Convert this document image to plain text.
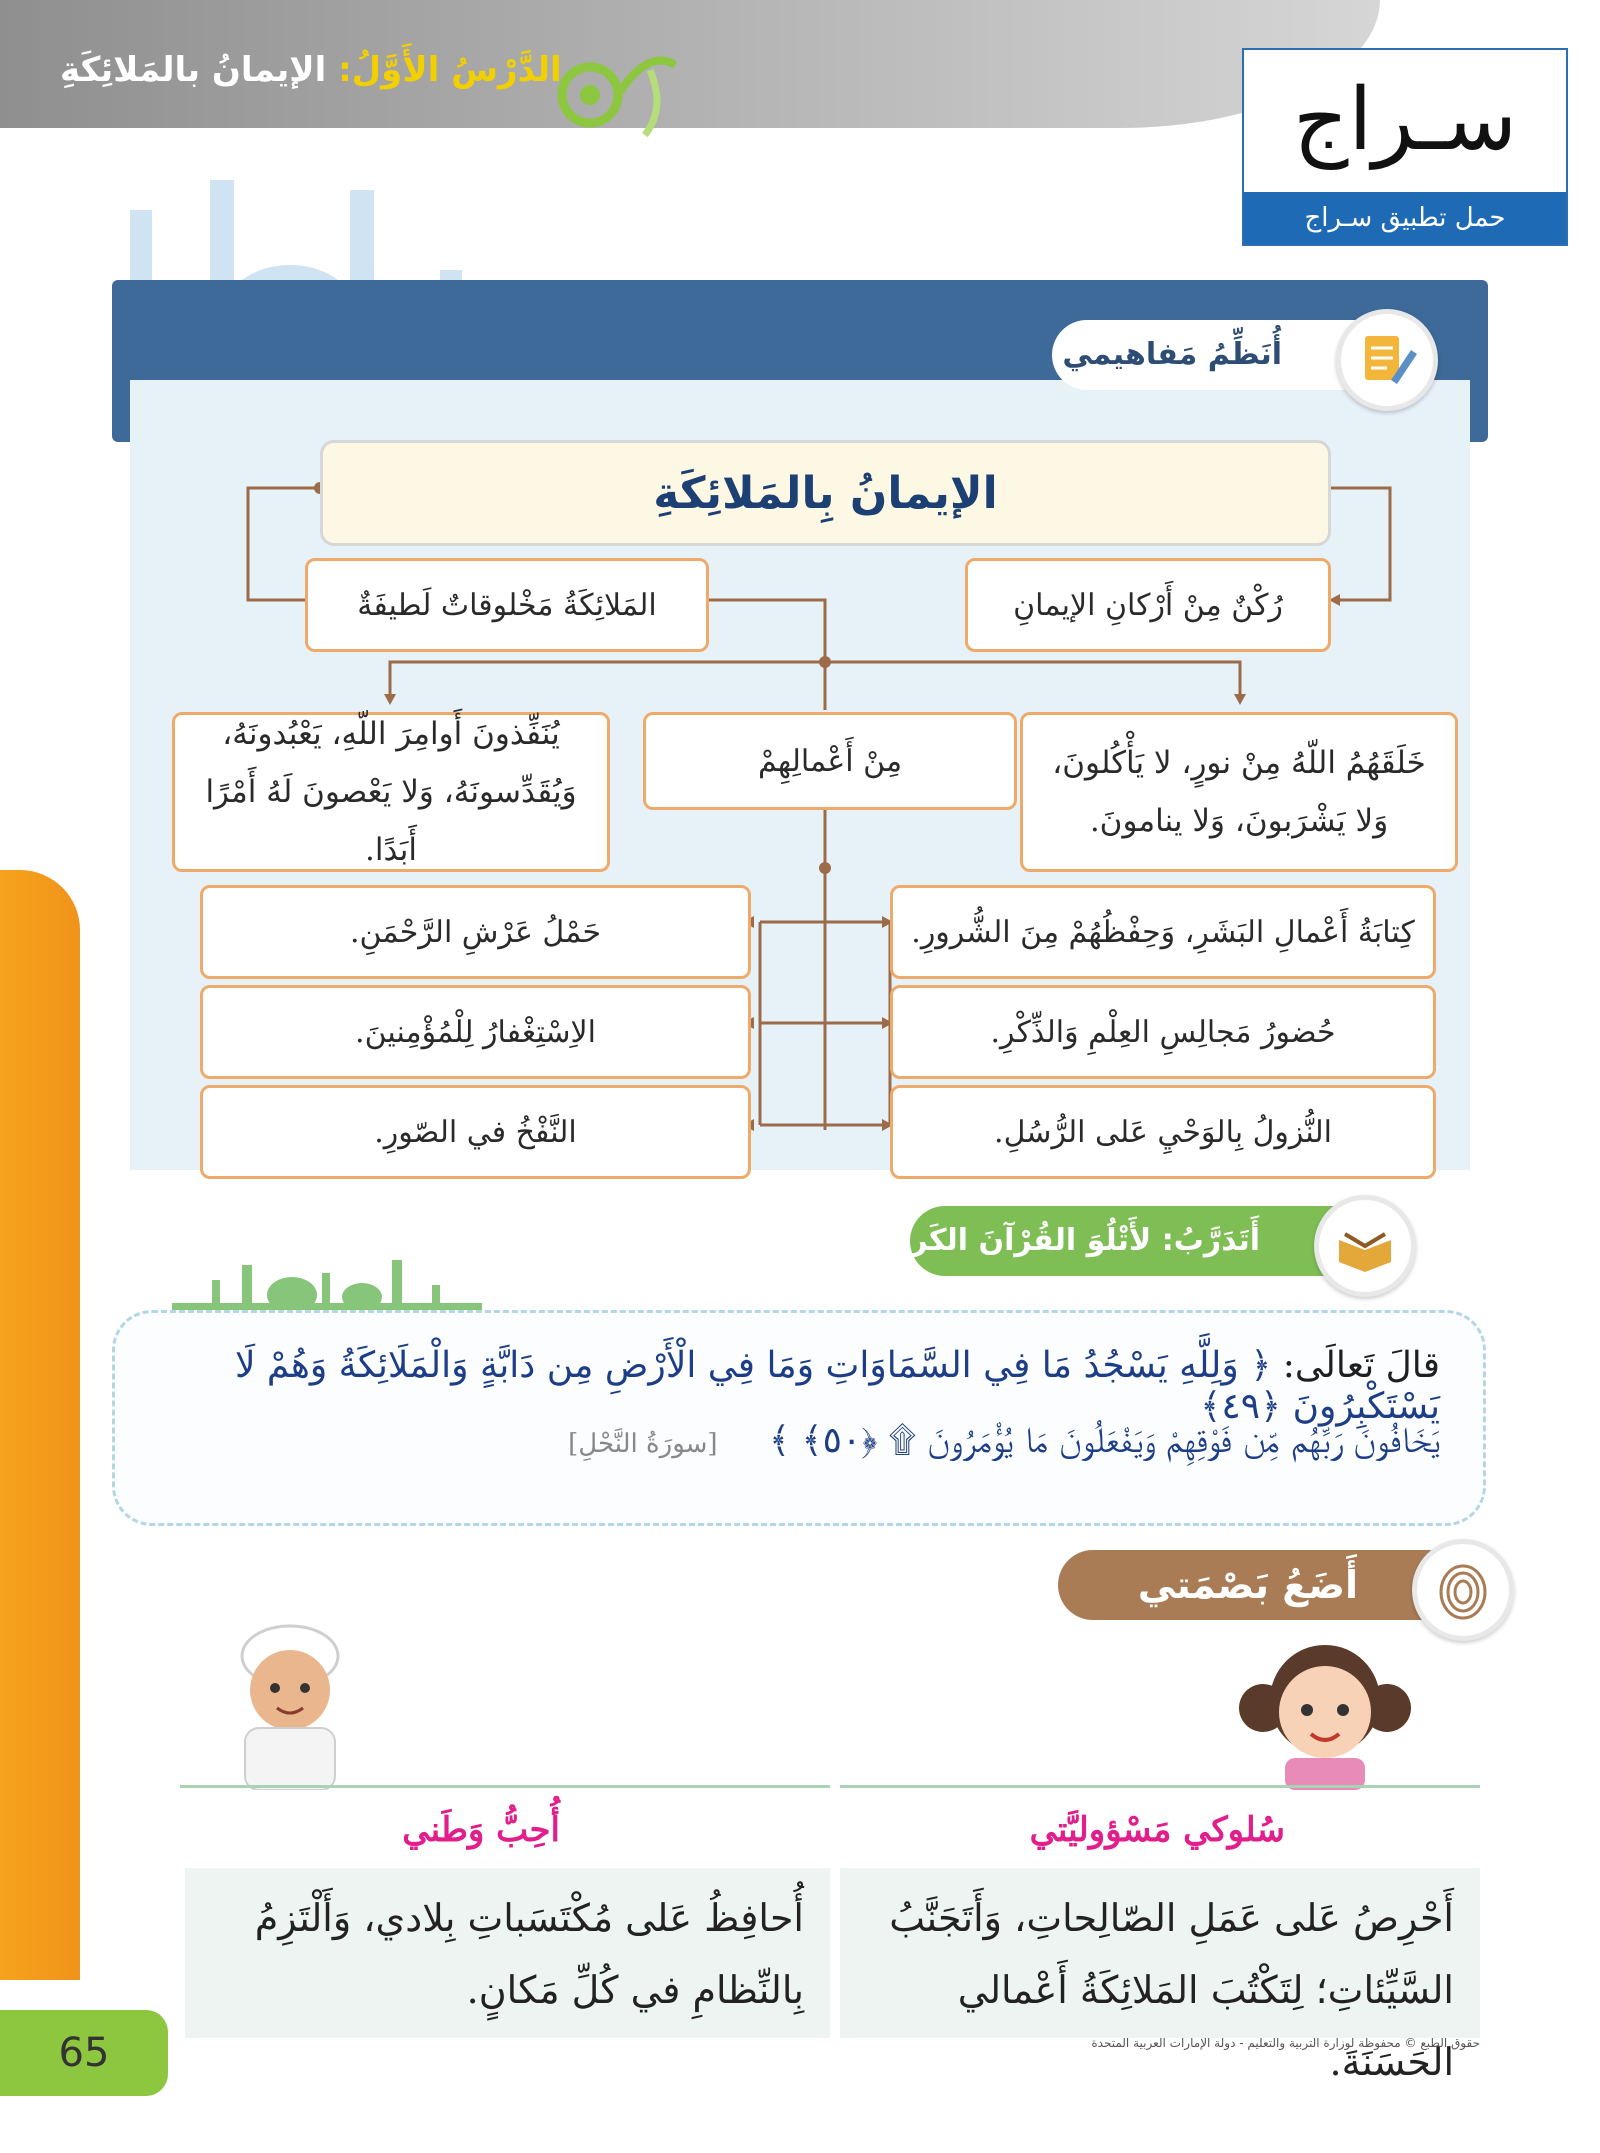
الدَّرْسُ الأَوَّلُ: الإيمانُ بالمَلائِكَةِ	سـراج
حمل تطبيق سـراج
أُنَظِّمُ مَفاهيمي
الإيمانُ بِالمَلائِكَةِ
رُكْنٌ مِنْ أَرْكانِ الإيمانِ
المَلائِكَةُ مَخْلوقاتٌ لَطيفَةٌ
خَلَقَهُمُ اللّهُ مِنْ نورٍ، لا يَأْكُلونَ، وَلا يَشْرَبونَ، وَلا ينامونَ.
مِنْ أَعْمالِهِمْ
يُنَفِّذونَ أَوامِرَ اللّهِ، يَعْبُدونَهُ، وَيُقَدِّسونَهُ، وَلا يَعْصونَ لَهُ أَمْرًا أَبَدًا.
كِتابَةُ أَعْمالِ البَشَرِ، وَحِفْظُهُمْ مِنَ الشُّرورِ.
حُضورُ مَجالِسِ العِلْمِ وَالذِّكْرِ.
النُّزولُ بِالوَحْيِ عَلى الرُّسُلِ.
حَمْلُ عَرْشِ الرَّحْمَنِ.
الاِسْتِغْفارُ لِلْمُؤْمِنينَ.
النَّفْخُ في الصّورِ.
أَتَدَرَّبُ: لأَتْلُوَ القُرْآنَ الكَريمَ
قالَ تَعالَى: ﴿ وَلِلَّهِ يَسْجُدُ مَا فِي السَّمَاوَاتِ وَمَا فِي الْأَرْضِ مِن دَابَّةٍ وَالْمَلَائِكَةُ وَهُمْ لَا يَسْتَكْبِرُونَ ﴿٤٩﴾
يَخَافُونَ رَبَّهُم مِّن فَوْقِهِمْ وَيَفْعَلُونَ مَا يُؤْمَرُونَ ۩ ﴿٥٠﴾ ﴾ [سورَةُ النَّحْلِ]
أَضَعُ بَصْمَتي
سُلوكي مَسْؤوليَّتي
أُحِبُّ وَطَني
أَحْرِصُ عَلى عَمَلِ الصّالِحاتِ، وَأَتَجَنَّبُ السَّيِّئاتِ؛ لِتَكْتُبَ المَلائِكَةُ أَعْمالي الحَسَنَةَ.
أُحافِظُ عَلى مُكْتَسَباتِ بِلادي، وَأَلْتَزِمُ بِالنِّظامِ في كُلِّ مَكانٍ.
65	حقوق الطبع © محفوظة لوزارة التربية والتعليم - دولة الإمارات العربية المتحدة
